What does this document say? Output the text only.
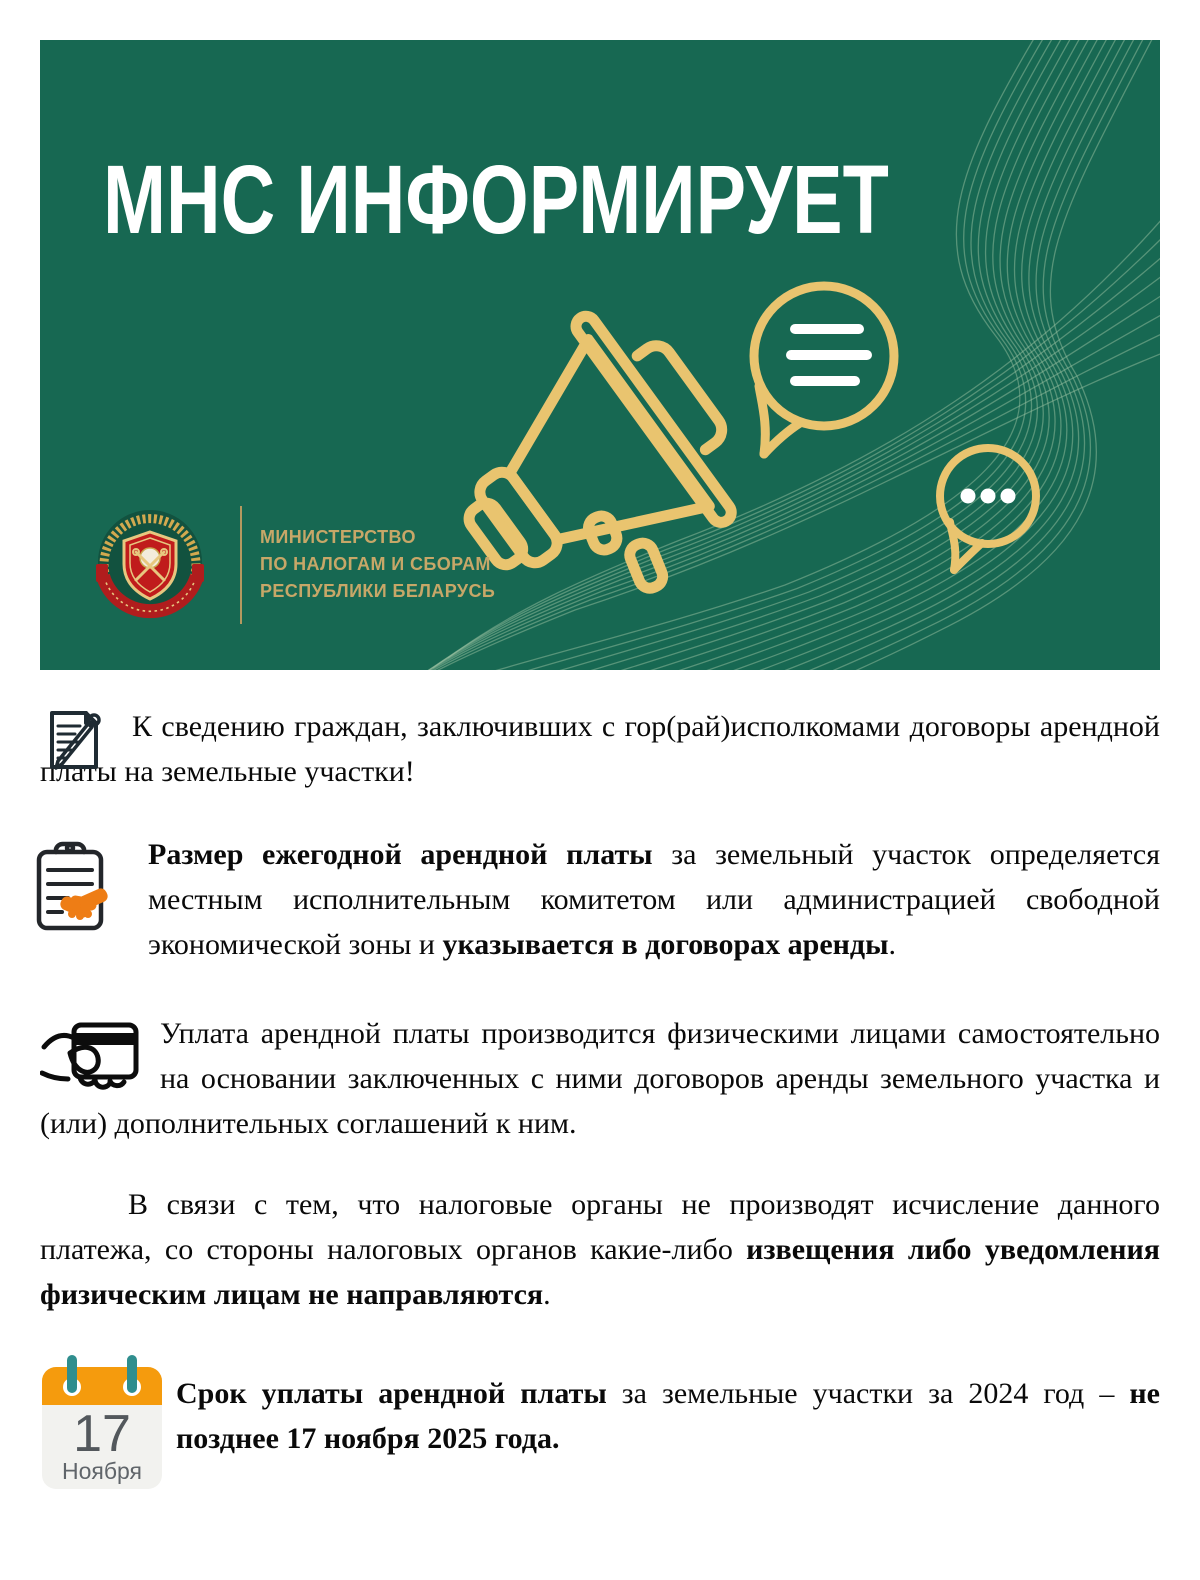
МНС ИНФОРМИРУЕТ
МИНИСТЕРСТВО
ПО НАЛОГАМ И СБОРАМ
РЕСПУБЛИКИ БЕЛАРУСЬ

К сведению граждан, заключивших с гор(рай)исполкомами договоры арендной платы на земельные участки!

Размер ежегодной арендной платы за земельный участок определяется местным исполнительным комитетом или администрацией свободной экономической зоны и указывается в договорах аренды.

Уплата арендной платы производится физическими лицами самостоятельно на основании заключенных с ними договоров аренды земельного участка и (или) дополнительных соглашений к ним.

В связи с тем, что налоговые органы не производят исчисление данного платежа, со стороны налоговых органов какие-либо извещения либо уведомления физическим лицам не направляются.

17
Ноября

Срок уплаты арендной платы за земельные участки за 2024 год – не позднее 17 ноября 2025 года.
